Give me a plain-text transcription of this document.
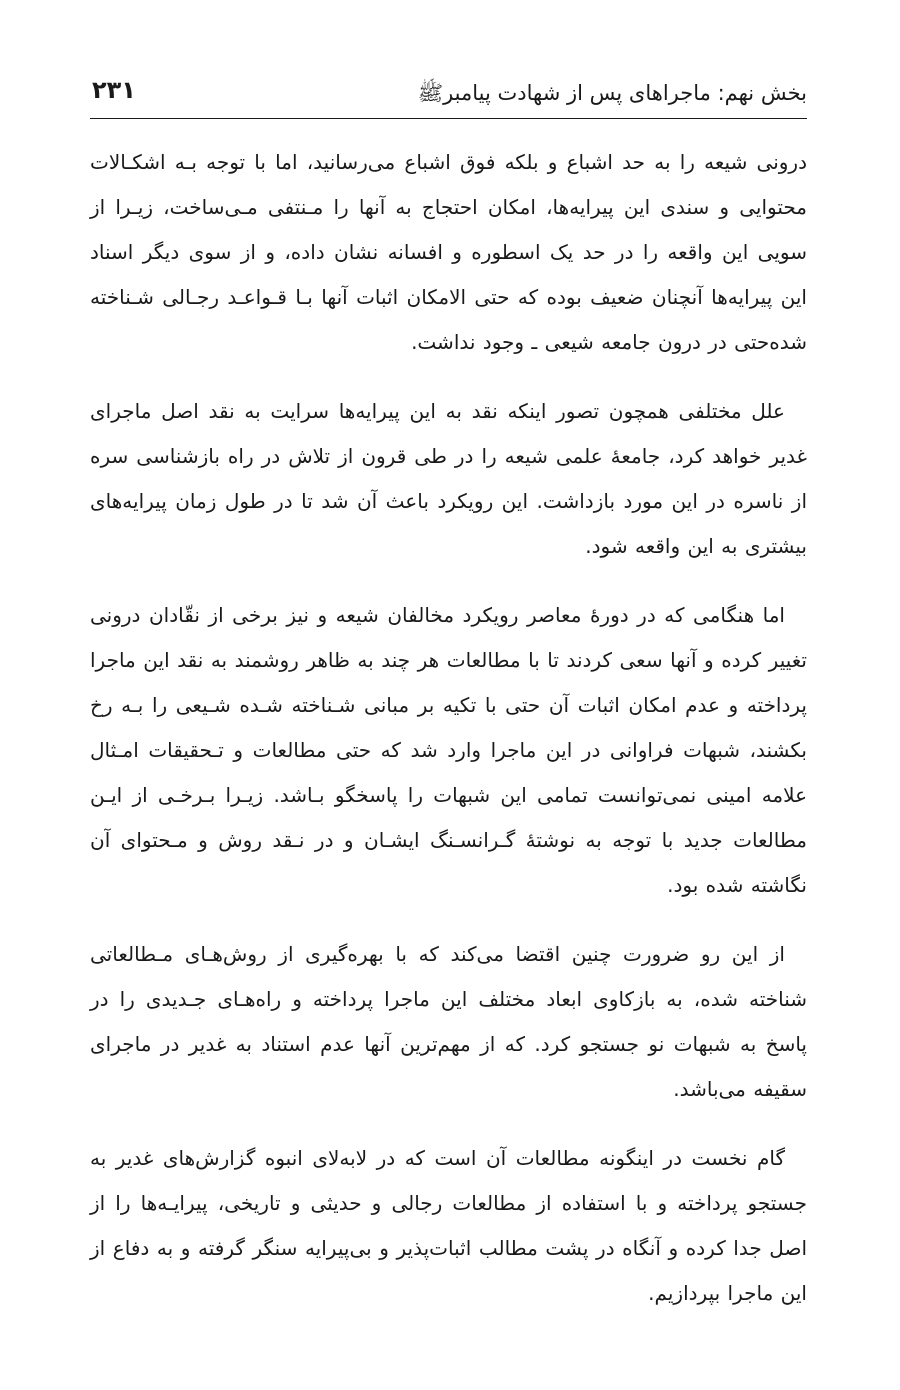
بخش نهم: ماجراهای پس از شهادت پیامبرﷺ
۲۳۱

درونی شیعه را به حد اشباع و بلکه فوق اشباع می‌رسانید، اما با توجه بـه اشکـالات محتوایی و سندی این پیرایه‌ها، امکان احتجاج به آنها را مـنتفی مـی‌ساخت، زیـرا از سویی این واقعه را در حد یک اسطوره و افسانه نشان داده، و از سوی دیگر اسناد این پیرایه‌ها آنچنان ضعیف بوده که حتی الامکان اثبات آنها بـا قـواعـد رجـالی شـناخته شده‌حتی در درون جامعه شیعی ـ وجود نداشت.

علل مختلفی همچون تصور اینکه نقد به این پیرایه‌ها سرایت به نقد اصل ماجرای غدیر خواهد کرد، جامعهٔ علمی شیعه را در طی قرون از تلاش در راه بازشناسی سره از ناسره در این مورد بازداشت. این رویکرد باعث آن شد تا در طول زمان پیرایه‌های بیشتری به این واقعه شود.

اما هنگامی که در دورهٔ معاصر رویکرد مخالفان شیعه و نیز برخی از نقّادان درونی تغییر کرده و آنها سعی کردند تا با مطالعات هر چند به ظاهر روشمند به نقد این ماجرا پرداخته و عدم امکان اثبات آن حتی با تکیه بر مبانی شـناخته شـده شـیعی را بـه رخ بکشند، شبهات فراوانی در این ماجرا وارد شد که حتی مطالعات و تـحقیقات امـثال علامه امینی نمی‌توانست تمامی این شبهات را پاسخگو بـاشد. زیـرا بـرخـی از ایـن مطالعات جدید با توجه به نوشتهٔ گـرانسـنگ ایشـان و در نـقد روش و مـحتوای آن نگاشته شده بود.

از این رو ضرورت چنین اقتضا می‌کند که با بهره‌گیری از روش‌هـای مـطالعاتی شناخته شده، به بازکاوی ابعاد مختلف این ماجرا پرداخته و راه‌هـای جـدیدی را در پاسخ به شبهات نو جستجو کرد. که از مهم‌ترین آنها عدم استناد به غدیر در ماجرای سقیفه می‌باشد.

گام نخست در اینگونه مطالعات آن است که در لابه‌لای انبوه گزارش‌های غدیر به جستجو پرداخته و با استفاده از مطالعات رجالی و حدیثی و تاریخی، پیرایـه‌ها را از اصل جدا کرده و آنگاه در پشت مطالب اثبات‌پذیر و بی‌پیرایه سنگر گرفته و به دفاع از این ماجرا بپردازیم.
